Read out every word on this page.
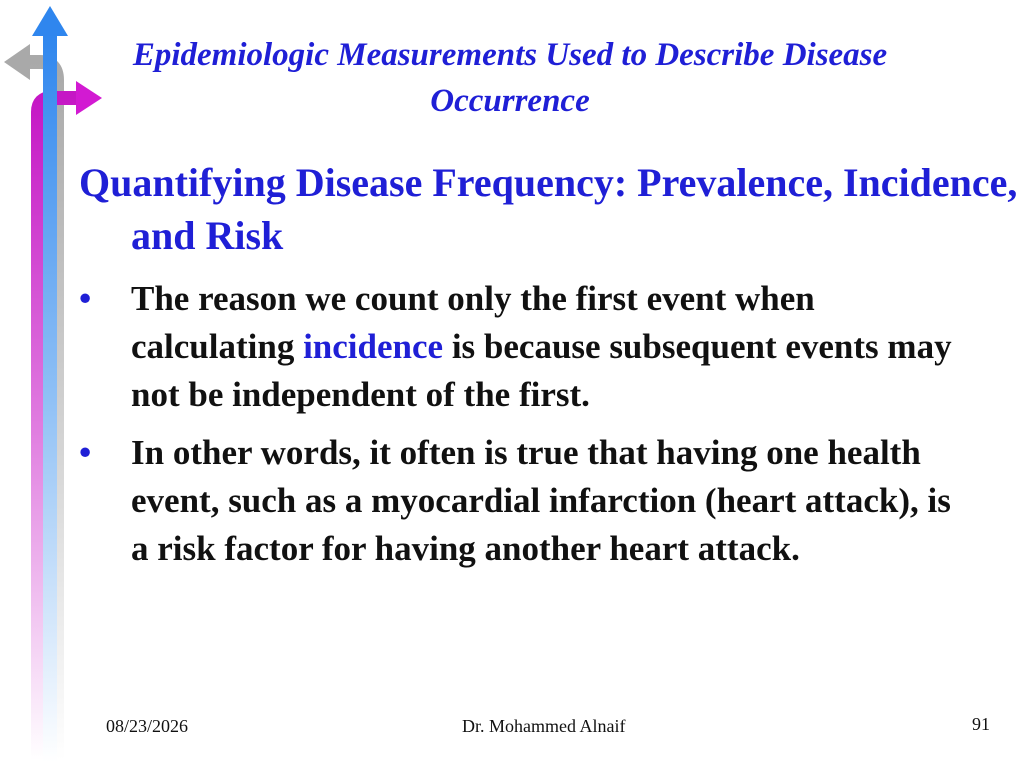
Epidemiologic Measurements Used to Describe Disease Occurrence
Quantifying Disease Frequency: Prevalence, Incidence, and Risk
• The reason we count only the first event when calculating incidence is because subsequent events may not be independent of the first.
• In other words, it often is true that having one health event, such as a myocardial infarction (heart attack), is a risk factor for having another heart attack.
08/23/2026	Dr. Mohammed Alnaif	91
